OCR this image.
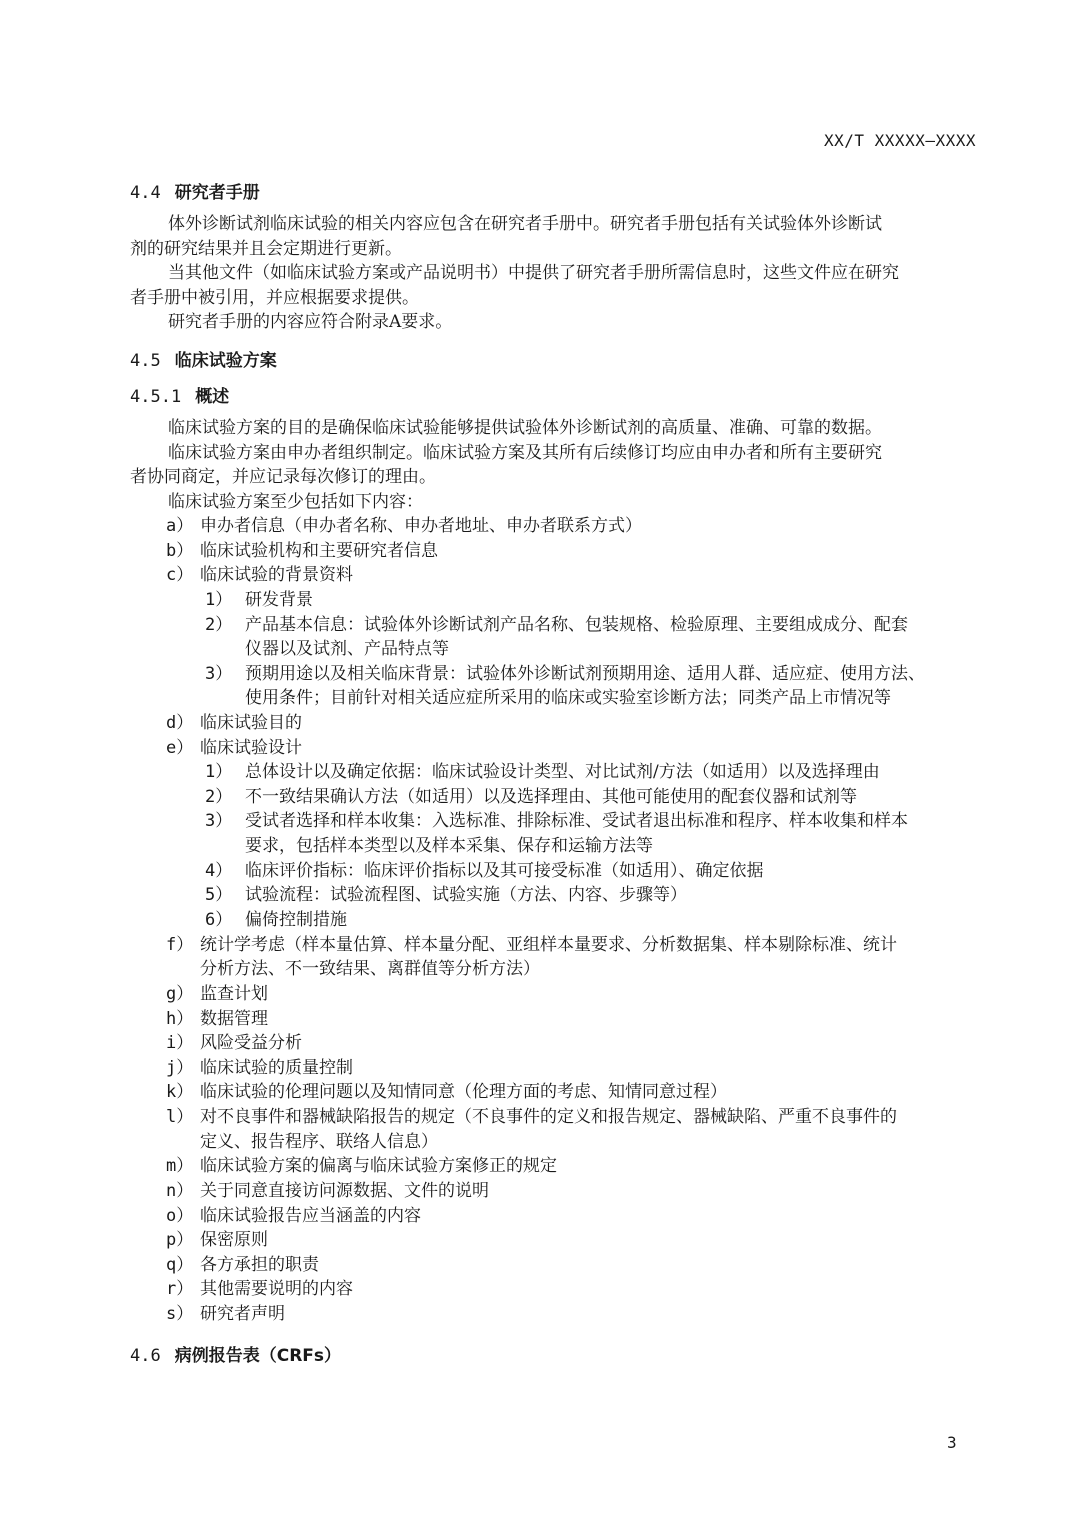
XX/T XXXXX—XXXX
4.4 研究者手册
体外诊断试剂临床试验的相关内容应包含在研究者手册中。研究者手册包括有关试验体外诊断试
剂的研究结果并且会定期进行更新。
当其他文件（如临床试验方案或产品说明书）中提供了研究者手册所需信息时，这些文件应在研究
者手册中被引用，并应根据要求提供。
研究者手册的内容应符合附录A要求。
4.5 临床试验方案
4.5.1 概述
临床试验方案的目的是确保临床试验能够提供试验体外诊断试剂的高质量、准确、可靠的数据。
临床试验方案由申办者组织制定。临床试验方案及其所有后续修订均应由申办者和所有主要研究
者协同商定，并应记录每次修订的理由。
临床试验方案至少包括如下内容：
a） 申办者信息（申办者名称、申办者地址、申办者联系方式）
b） 临床试验机构和主要研究者信息
c） 临床试验的背景资料
1） 研发背景
2） 产品基本信息：试验体外诊断试剂产品名称、包装规格、检验原理、主要组成成分、配套
仪器以及试剂、产品特点等
3） 预期用途以及相关临床背景：试验体外诊断试剂预期用途、适用人群、适应症、使用方法、
使用条件；目前针对相关适应症所采用的临床或实验室诊断方法；同类产品上市情况等
d） 临床试验目的
e） 临床试验设计
1） 总体设计以及确定依据：临床试验设计类型、对比试剂/方法（如适用）以及选择理由
2） 不一致结果确认方法（如适用）以及选择理由、其他可能使用的配套仪器和试剂等
3） 受试者选择和样本收集：入选标准、排除标准、受试者退出标准和程序、样本收集和样本
要求，包括样本类型以及样本采集、保存和运输方法等
4） 临床评价指标：临床评价指标以及其可接受标准（如适用）、确定依据
5） 试验流程：试验流程图、试验实施（方法、内容、步骤等）
6） 偏倚控制措施
f） 统计学考虑（样本量估算、样本量分配、亚组样本量要求、分析数据集、样本剔除标准、统计
分析方法、不一致结果、离群值等分析方法）
g） 监查计划
h） 数据管理
i） 风险受益分析
j） 临床试验的质量控制
k） 临床试验的伦理问题以及知情同意（伦理方面的考虑、知情同意过程）
l） 对不良事件和器械缺陷报告的规定（不良事件的定义和报告规定、器械缺陷、严重不良事件的
定义、报告程序、联络人信息）
m） 临床试验方案的偏离与临床试验方案修正的规定
n） 关于同意直接访问源数据、文件的说明
o） 临床试验报告应当涵盖的内容
p） 保密原则
q） 各方承担的职责
r） 其他需要说明的内容
s） 研究者声明
4.6 病例报告表（CRFs）
3
